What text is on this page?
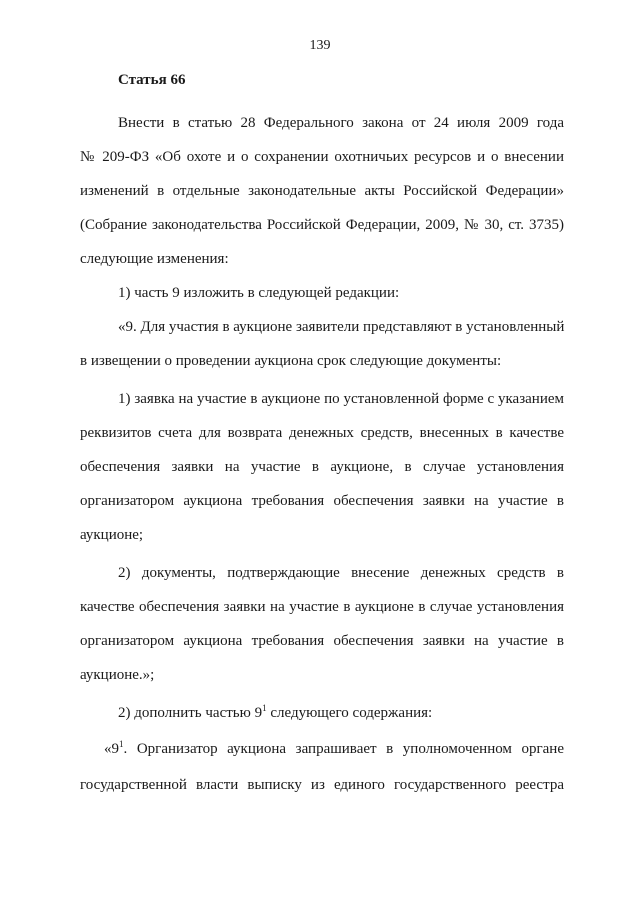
139
Статья 66
Внести в статью 28 Федерального закона от 24 июля 2009 года
№ 209-ФЗ «Об охоте и о сохранении охотничьих ресурсов и о внесении
изменений в отдельные законодательные акты Российской Федерации»
(Собрание законодательства Российской Федерации, 2009, № 30, ст. 3735)
следующие изменения:
1) часть 9 изложить в следующей редакции:
«9. Для участия в аукционе заявители представляют в установленный
в извещении о проведении аукциона срок следующие документы:
1) заявка на участие в аукционе по установленной форме с указанием
реквизитов счета для возврата денежных средств, внесенных в качестве
обеспечения заявки на участие в аукционе, в случае установления
организатором аукциона требования обеспечения заявки на участие в
аукционе;
2) документы, подтверждающие внесение денежных средств в
качестве обеспечения заявки на участие в аукционе в случае установления
организатором аукциона требования обеспечения заявки на участие в
аукционе.»;
2) дополнить частью $9^1$ следующего содержания:
«$9^1$. Организатор аукциона запрашивает в уполномоченном органе
государственной власти выписку из единого государственного реестра
